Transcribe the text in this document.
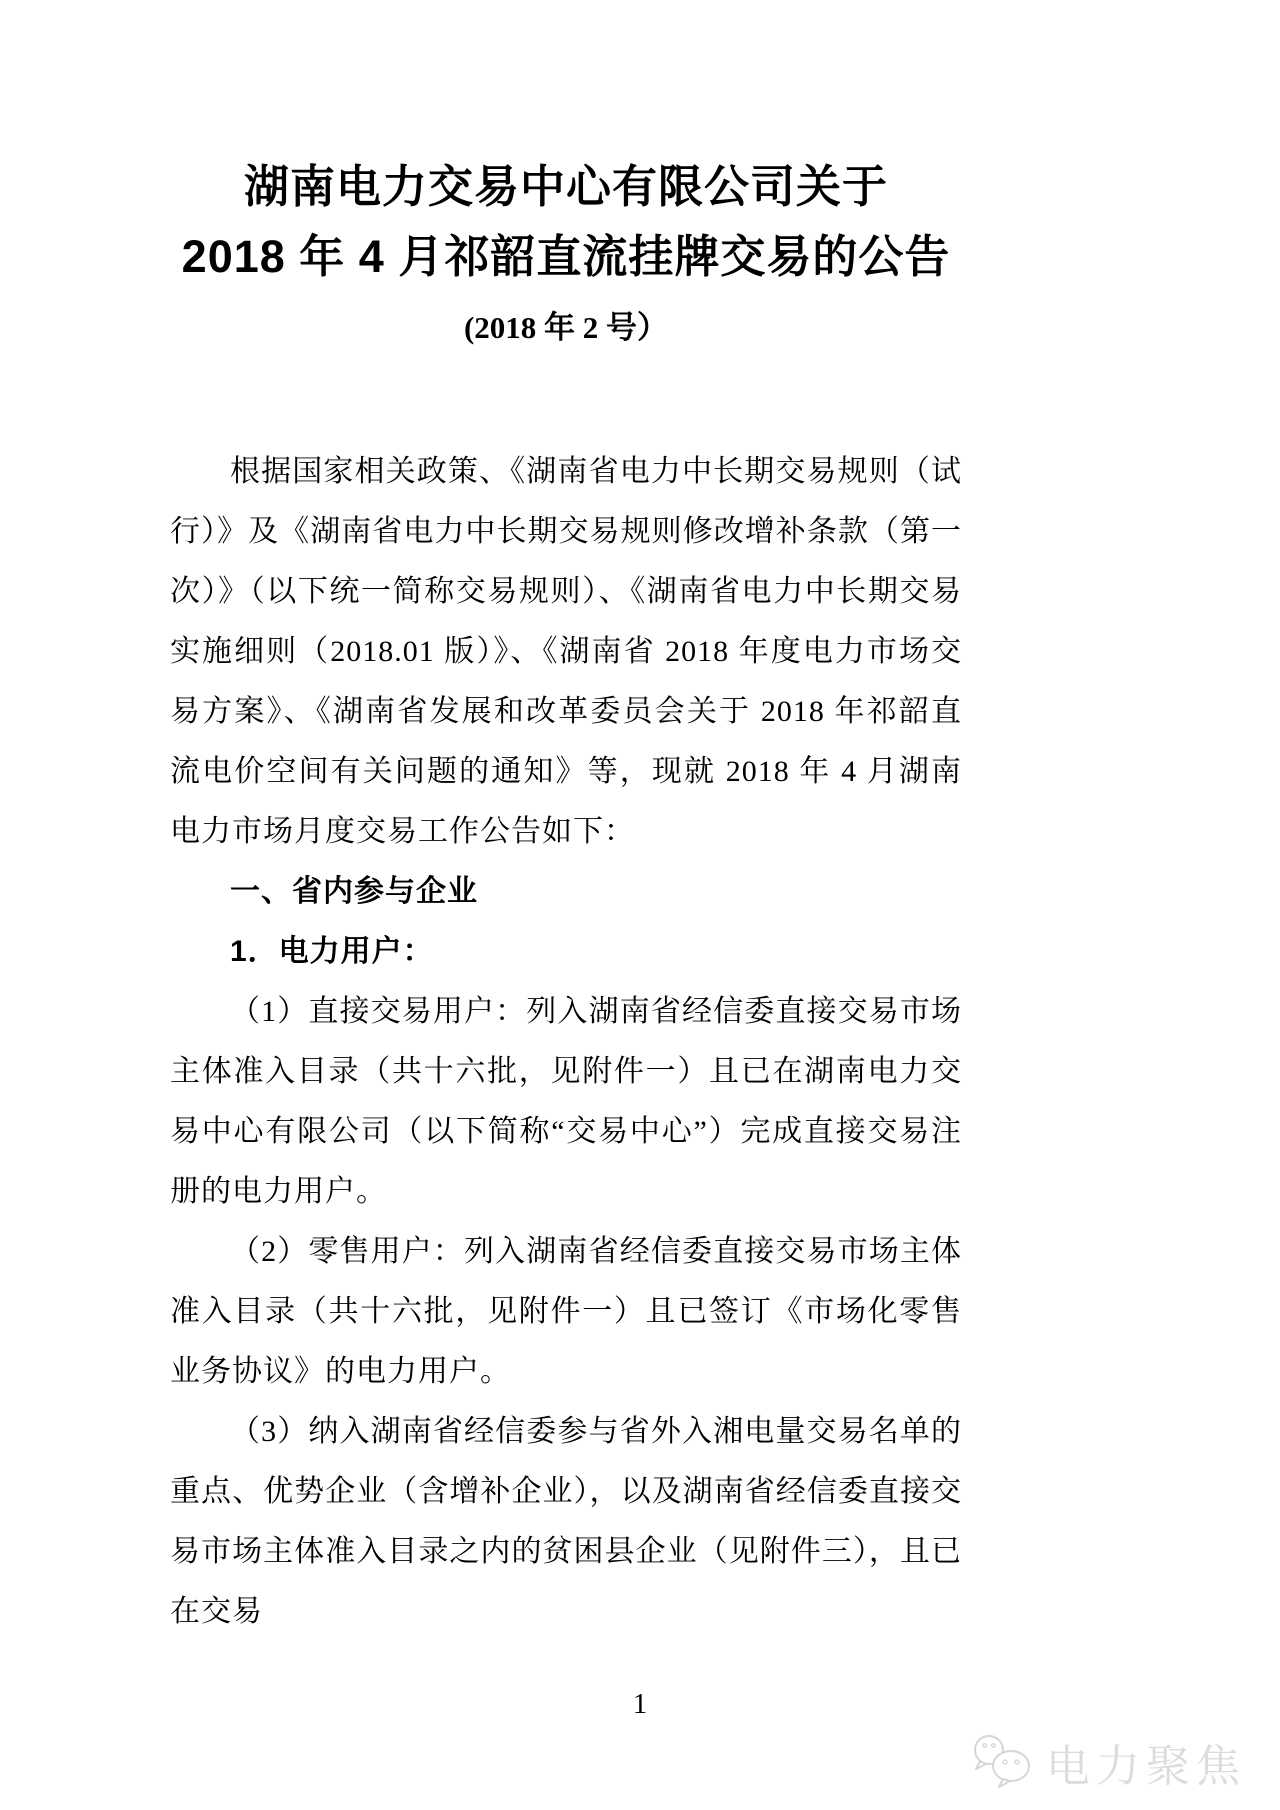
湖南电力交易中心有限公司关于
2018 年 4 月祁韶直流挂牌交易的公告
(2018 年 2 号）

根据国家相关政策、《湖南省电力中长期交易规则（试行）》及《湖南省电力中长期交易规则修改增补条款（第一次）》（以下统一简称交易规则）、《湖南省电力中长期交易实施细则（2018.01 版）》、《湖南省 2018 年度电力市场交易方案》、《湖南省发展和改革委员会关于 2018 年祁韶直流电价空间有关问题的通知》等，现就 2018 年 4 月湖南电力市场月度交易工作公告如下：

一、省内参与企业

1．电力用户：

（1）直接交易用户：列入湖南省经信委直接交易市场主体准入目录（共十六批，见附件一）且已在湖南电力交易中心有限公司（以下简称“交易中心”）完成直接交易注册的电力用户。

（2）零售用户：列入湖南省经信委直接交易市场主体准入目录（共十六批，见附件一）且已签订《市场化零售业务协议》的电力用户。

（3）纳入湖南省经信委参与省外入湘电量交易名单的重点、优势企业（含增补企业），以及湖南省经信委直接交易市场主体准入目录之内的贫困县企业（见附件三），且已在交易

1
电力聚焦
